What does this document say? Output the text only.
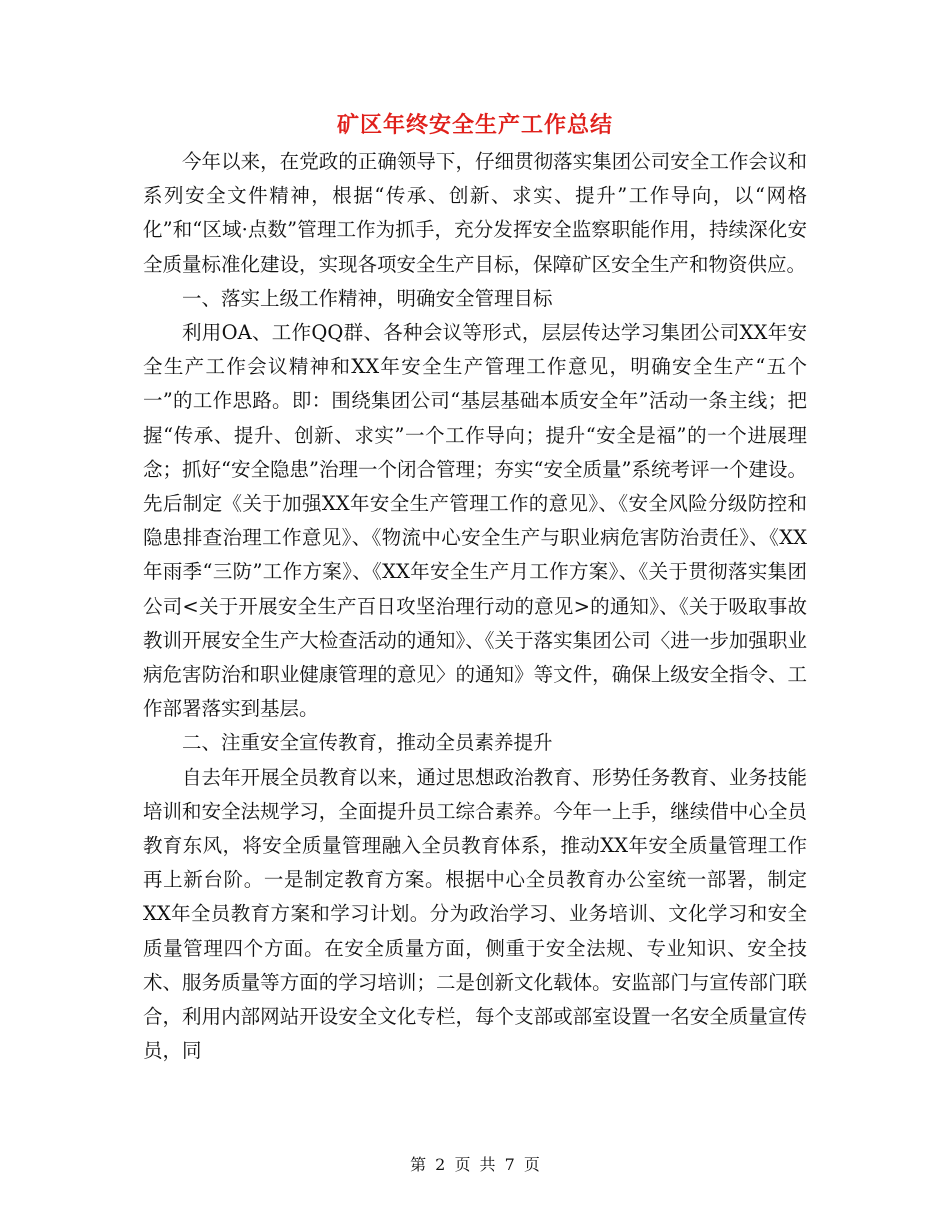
矿区年终安全生产工作总结

今年以来，在党政的正确领导下，仔细贯彻落实集团公司安全工作会议和系列安全文件精神，根据“传承、创新、求实、提升”工作导向，以“网格化”和“区域·点数”管理工作为抓手，充分发挥安全监察职能作用，持续深化安全质量标准化建设，实现各项安全生产目标，保障矿区安全生产和物资供应。

一、落实上级工作精神，明确安全管理目标

利用OA、工作QQ群、各种会议等形式，层层传达学习集团公司XX年安全生产工作会议精神和XX年安全生产管理工作意见，明确安全生产“五个一”的工作思路。即：围绕集团公司“基层基础本质安全年”活动一条主线；把握“传承、提升、创新、求实”一个工作导向；提升“安全是福”的一个进展理念；抓好“安全隐患”治理一个闭合管理；夯实“安全质量”系统考评一个建设。先后制定《关于加强XX年安全生产管理工作的意见》、《安全风险分级防控和隐患排查治理工作意见》、《物流中心安全生产与职业病危害防治责任》、《XX年雨季“三防”工作方案》、《XX年安全生产月工作方案》、《关于贯彻落实集团公司<关于开展安全生产百日攻坚治理行动的意见>的通知》、《关于吸取事故教训开展安全生产大检查活动的通知》、《关于落实集团公司〈进一步加强职业病危害防治和职业健康管理的意见〉的通知》等文件，确保上级安全指令、工作部署落实到基层。

二、注重安全宣传教育，推动全员素养提升

自去年开展全员教育以来，通过思想政治教育、形势任务教育、业务技能培训和安全法规学习，全面提升员工综合素养。今年一上手，继续借中心全员教育东风，将安全质量管理融入全员教育体系，推动XX年安全质量管理工作再上新台阶。一是制定教育方案。根据中心全员教育办公室统一部署，制定XX年全员教育方案和学习计划。分为政治学习、业务培训、文化学习和安全质量管理四个方面。在安全质量方面，侧重于安全法规、专业知识、安全技术、服务质量等方面的学习培训；二是创新文化载体。安监部门与宣传部门联合，利用内部网站开设安全文化专栏，每个支部或部室设置一名安全质量宣传员，同

第 2 页 共 7 页
